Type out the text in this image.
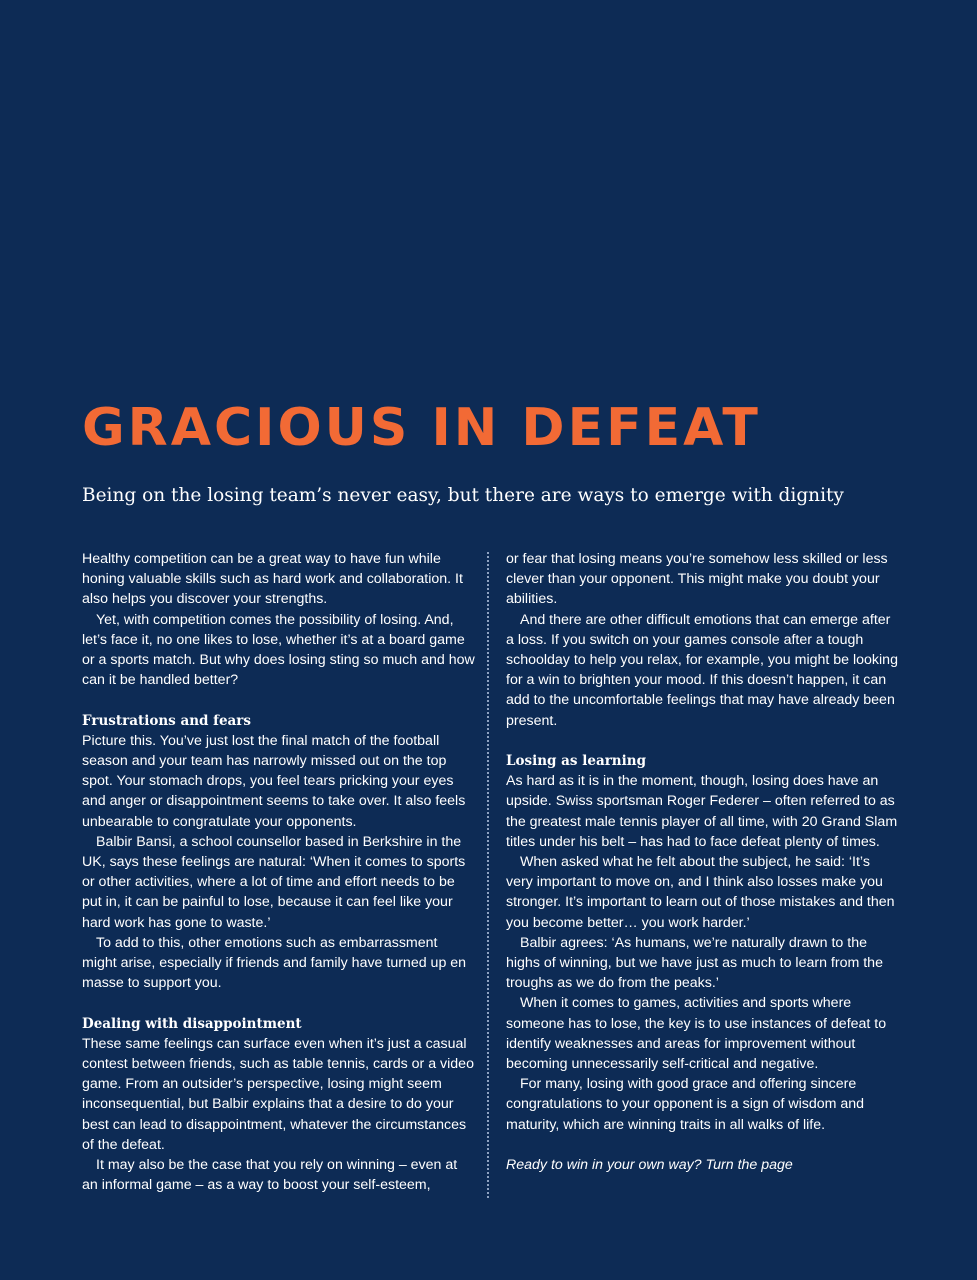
GRACIOUS IN DEFEAT

Being on the losing team’s never easy, but there are ways to emerge with dignity

Healthy competition can be a great way to have fun while honing valuable skills such as hard work and collaboration. It also helps you discover your strengths.

Yet, with competition comes the possibility of losing. And, let’s face it, no one likes to lose, whether it’s at a board game or a sports match. But why does losing sting so much and how can it be handled better?

Frustrations and fears

Picture this. You’ve just lost the final match of the football season and your team has narrowly missed out on the top spot. Your stomach drops, you feel tears pricking your eyes and anger or disappointment seems to take over. It also feels unbearable to congratulate your opponents.

Balbir Bansi, a school counsellor based in Berkshire in the UK, says these feelings are natural: ‘When it comes to sports or other activities, where a lot of time and effort needs to be put in, it can be painful to lose, because it can feel like your hard work has gone to waste.’

To add to this, other emotions such as embarrassment might arise, especially if friends and family have turned up en masse to support you.

Dealing with disappointment

These same feelings can surface even when it’s just a casual contest between friends, such as table tennis, cards or a video game. From an outsider’s perspective, losing might seem inconsequential, but Balbir explains that a desire to do your best can lead to disappointment, whatever the circumstances of the defeat.

It may also be the case that you rely on winning – even at an informal game – as a way to boost your self-esteem,

or fear that losing means you’re somehow less skilled or less clever than your opponent. This might make you doubt your abilities.

And there are other difficult emotions that can emerge after a loss. If you switch on your games console after a tough schoolday to help you relax, for example, you might be looking for a win to brighten your mood. If this doesn’t happen, it can add to the uncomfortable feelings that may have already been present.

Losing as learning

As hard as it is in the moment, though, losing does have an upside. Swiss sportsman Roger Federer – often referred to as the greatest male tennis player of all time, with 20 Grand Slam titles under his belt – has had to face defeat plenty of times.

When asked what he felt about the subject, he said: ‘It’s very important to move on, and I think also losses make you stronger. It’s important to learn out of those mistakes and then you become better… you work harder.’

Balbir agrees: ‘As humans, we’re naturally drawn to the highs of winning, but we have just as much to learn from the troughs as we do from the peaks.’

When it comes to games, activities and sports where someone has to lose, the key is to use instances of defeat to identify weaknesses and areas for improvement without becoming unnecessarily self-critical and negative.

For many, losing with good grace and offering sincere congratulations to your opponent is a sign of wisdom and maturity, which are winning traits in all walks of life.

Ready to win in your own way? Turn the page
